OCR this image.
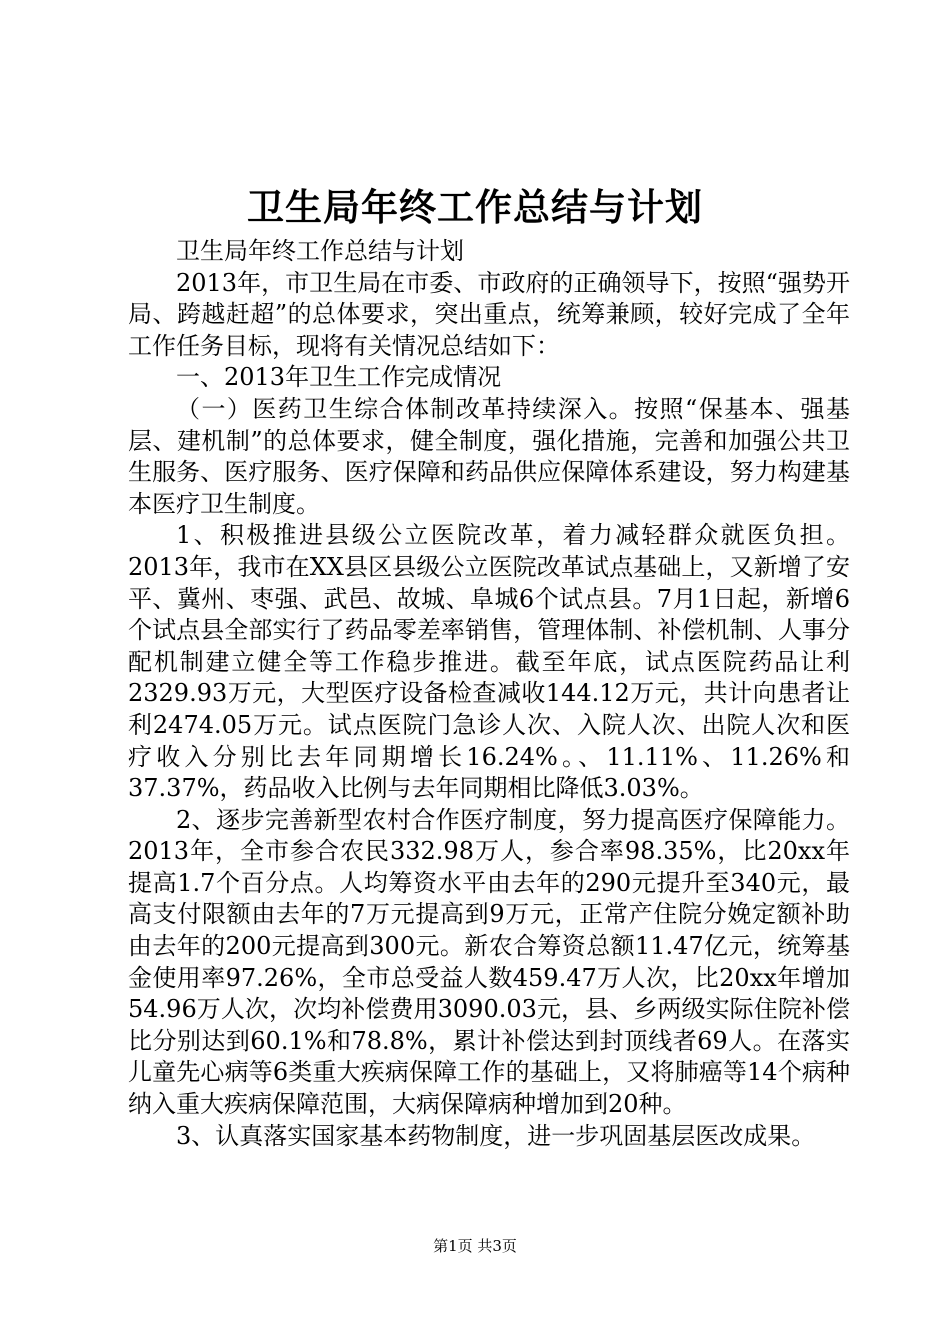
卫生局年终工作总结与计划

卫生局年终工作总结与计划

2013年，市卫生局在市委、市政府的正确领导下，按照“强势开局、跨越赶超”的总体要求，突出重点，统筹兼顾，较好完成了全年工作任务目标，现将有关情况总结如下：

一、2013年卫生工作完成情况

（一）医药卫生综合体制改革持续深入。按照“保基本、强基层、建机制”的总体要求，健全制度，强化措施，完善和加强公共卫生服务、医疗服务、医疗保障和药品供应保障体系建设，努力构建基本医疗卫生制度。

1、积极推进县级公立医院改革，着力减轻群众就医负担。2013年，我市在XX县区县级公立医院改革试点基础上，又新增了安平、冀州、枣强、武邑、故城、阜城6个试点县。7月1日起，新增6个试点县全部实行了药品零差率销售，管理体制、补偿机制、人事分配机制建立健全等工作稳步推进。截至年底，试点医院药品让利2329.93万元，大型医疗设备检查减收144.12万元，共计向患者让利2474.05万元。试点医院门急诊人次、入院人次、出院人次和医疗收入分别比去年同期增长16.24%。、11.11%、11.26%和37.37%，药品收入比例与去年同期相比降低3.03%。

2、逐步完善新型农村合作医疗制度，努力提高医疗保障能力。2013年，全市参合农民332.98万人，参合率98.35%，比20xx年提高1.7个百分点。人均筹资水平由去年的290元提升至340元，最高支付限额由去年的7万元提高到9万元，正常产住院分娩定额补助由去年的200元提高到300元。新农合筹资总额11.47亿元，统筹基金使用率97.26%，全市总受益人数459.47万人次，比20xx年增加54.96万人次，次均补偿费用3090.03元，县、乡两级实际住院补偿比分别达到60.1%和78.8%，累计补偿达到封顶线者69人。在落实儿童先心病等6类重大疾病保障工作的基础上，又将肺癌等14个病种纳入重大疾病保障范围，大病保障病种增加到20种。

3、认真落实国家基本药物制度，进一步巩固基层医改成果。

第1页 共3页
